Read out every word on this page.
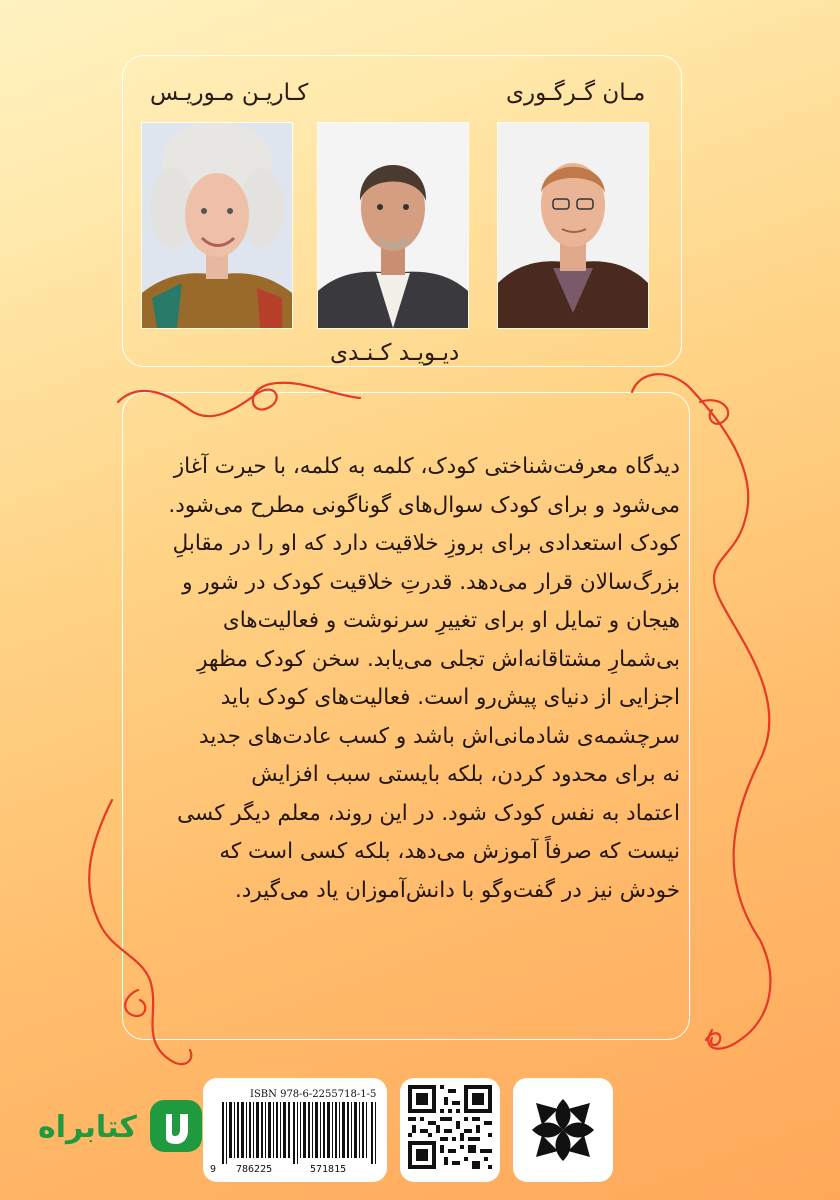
مـان گـرگـوری
دیـویـد کـنـدی
کـاریـن مـوریـس

دیدگاه معرفت‌شناختی کودک، کلمه به کلمه، با حیرت آغاز

می‌شود و برای کودک سوال‌های گوناگونی مطرح می‌شود.

کودک استعدادی برای بروزِ خلاقیت دارد که او را در مقابلِ

بزرگ‌سالان قرار می‌دهد. قدرتِ خلاقیت کودک در شور و

هیجان و تمایل او برای تغییرِ سرنوشت و فعالیت‌های

بی‌شمارِ مشتاقانه‌اش تجلی می‌یابد. سخن کودک مظهرِ

اجزایی از دنیای پیش‌رو است. فعالیت‌های کودک باید

سرچشمه‌ی شادمانی‌اش باشد و کسب عادت‌های جدید

نه برای محدود کردن، بلکه بایستی سبب افزایش

اعتماد به نفس کودک شود. در این روند، معلم دیگر کسی

نیست که صرفاً آموزش می‌دهد، بلکه کسی است که

خودش نیز در گفت‌وگو با دانش‌آموزان یاد می‌گیرد.

ISBN 978-6-2255718-1-5
9 786225	571815
کتابراه
